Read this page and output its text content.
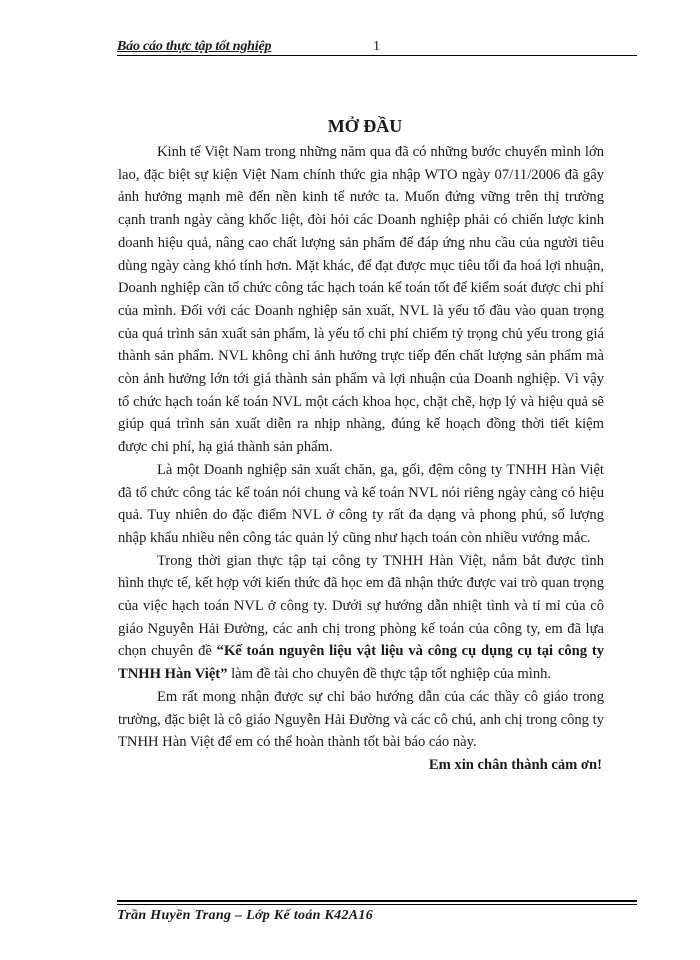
Báo cáo thực tập tốt nghiệp	1
MỞ ĐẦU

Kinh tế Việt Nam trong những năm qua đã có những bước chuyển mình lớn lao, đặc biệt sự kiện Việt Nam chính thức gia nhập WTO ngày 07/11/2006 đã gây ảnh hưởng mạnh mẽ đến nền kinh tế nước ta. Muốn đứng vững trên thị trường cạnh tranh ngày càng khốc liệt, đòi hỏi các Doanh nghiệp phải có chiến lược kinh doanh hiệu quả, nâng cao chất lượng sản phẩm để đáp ứng nhu cầu của người tiêu dùng ngày càng khó tính hơn. Mặt khác, để đạt được mục tiêu tối đa hoá lợi nhuận, Doanh nghiệp cần tổ chức công tác hạch toán kế toán tốt để kiểm soát được chi phí của mình. Đối với các Doanh nghiệp sản xuất, NVL là yếu tố đầu vào quan trọng của quá trình sản xuất sản phẩm, là yếu tố chi phí chiếm tỷ trọng chủ yếu trong giá thành sản phẩm. NVL không chỉ ảnh hưởng trực tiếp đến chất lượng sản phẩm mà còn ảnh hưởng lớn tới giá thành sản phẩm và lợi nhuận của Doanh nghiệp. Vì vậy tổ chức hạch toán kế toán NVL một cách khoa học, chặt chẽ, hợp lý và hiệu quả sẽ giúp quá trình sản xuất diễn ra nhịp nhàng, đúng kế hoạch đồng thời tiết kiệm được chi phí, hạ giá thành sản phẩm.

Là một Doanh nghiệp sản xuất chăn, ga, gối, đệm công ty TNHH Hàn Việt đã tổ chức công tác kế toán nói chung và kế toán NVL nói riêng ngày càng có hiệu quả. Tuy nhiên do đặc điểm NVL ở công ty rất đa dạng và phong phú, số lượng nhập khẩu nhiều nên công tác quản lý cũng như hạch toán còn nhiều vướng mắc.

Trong thời gian thực tập tại công ty TNHH Hàn Việt, nắm bắt được tình hình thực tế, kết hợp với kiến thức đã học em đã nhận thức được vai trò quan trọng của việc hạch toán NVL ở công ty. Dưới sự hướng dẫn nhiệt tình và tỉ mỉ của cô giáo Nguyễn Hải Đường, các anh chị trong phòng kế toán của công ty, em đã lựa chọn chuyên đề “Kế toán nguyên liệu vật liệu và công cụ dụng cụ tại công ty TNHH Hàn Việt” làm đề tài cho chuyên đề thực tập tốt nghiệp của mình.

Em rất mong nhận được sự chỉ bảo hướng dẫn của các thầy cô giáo trong trường, đặc biệt là cô giáo Nguyễn Hải Đường và các cô chú, anh chị trong công ty TNHH Hàn Việt để em có thể hoàn thành tốt bài báo cáo này.

Em xin chân thành cảm ơn!

Trần Huyền Trang – Lớp Kế toán K42A16
